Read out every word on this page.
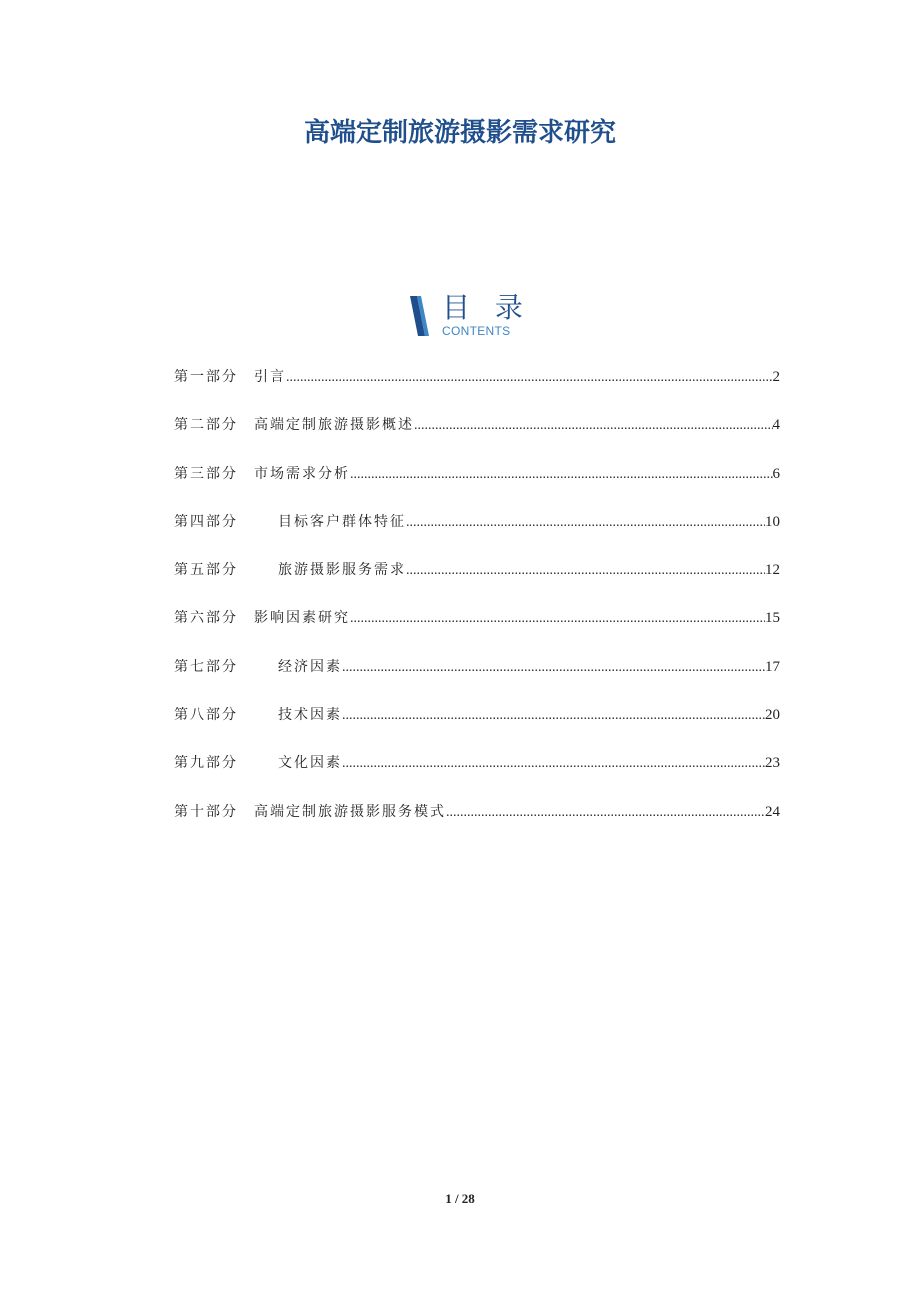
高端定制旅游摄影需求研究
目 录
CONTENTS
第一部分	引言 .....	2
第二部分	高端定制旅游摄影概述 .....	4
第三部分	市场需求分析 .....	6
第四部分	目标客户群体特征 .....	10
第五部分	旅游摄影服务需求 .....	12
第六部分	影响因素研究 .....	15
第七部分	经济因素 .....	17
第八部分	技术因素 .....	20
第九部分	文化因素 .....	23
第十部分	高端定制旅游摄影服务模式 .....	24
1 / 28
